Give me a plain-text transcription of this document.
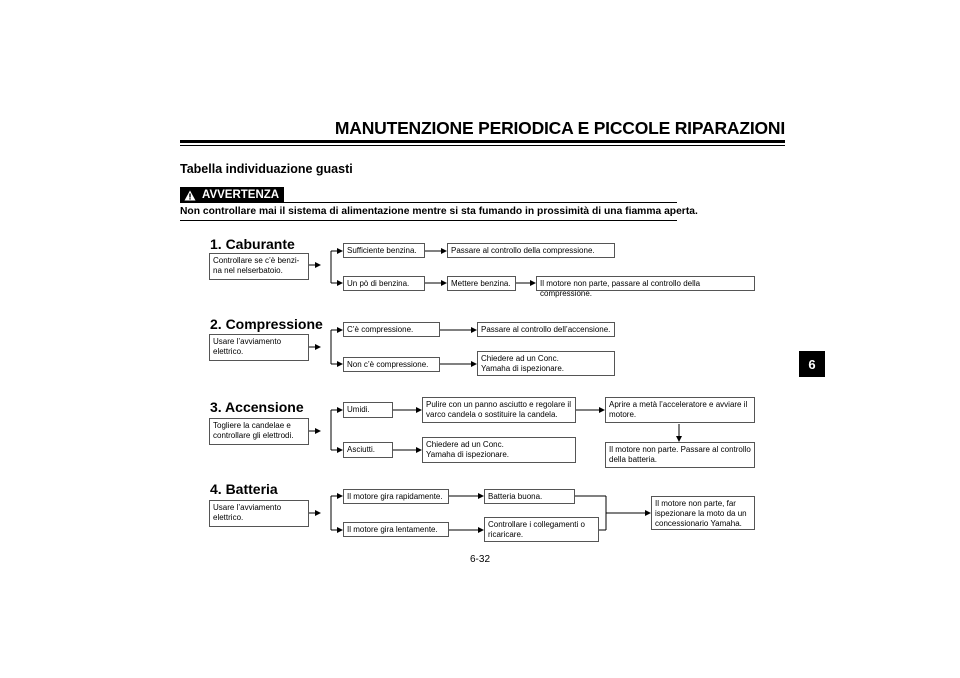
MANUTENZIONE PERIODICA E PICCOLE RIPARAZIONI
Tabella individuazione guasti
AVVERTENZA
Non controllare mai il sistema di alimentazione mentre si sta fumando in prossimità di una fiamma aperta.
6
1. Caburante
Controllare se c’è benzi-
na nel nelserbatoio.
Sufficiente benzina.	Passare al controllo della compressione.
Un pò di benzina.	Mettere benzina.	Il motore non parte, passare al controllo della compressione.
2. Compressione
Usare l’avviamento
elettrico.
C’è compressione.	Passare al controllo dell’accensione.
Non c’è compressione.
Chiedere ad un Conc.
Yamaha di ispezionare.
3. Accensione
Togliere la candelae e
controllare gli elettrodi.
Umidi.
Pulire con un panno asciutto e regolare il
varco candela o sostituire la candela.
Aprire a metà l’acceleratore e avviare il
motore.
Il motore non parte. Passare al controllo
della batteria.
Asciutti.
Chiedere ad un Conc.
Yamaha di ispezionare.
4. Batteria
Usare l’avviamento
elettrico.
Il motore gira rapidamente.	Batteria buona.
Il motore gira lentamente.
Controllare i collegamenti o
ricaricare.
Il motore non parte, far
ispezionare la moto da un
concessionario Yamaha.
6-32
